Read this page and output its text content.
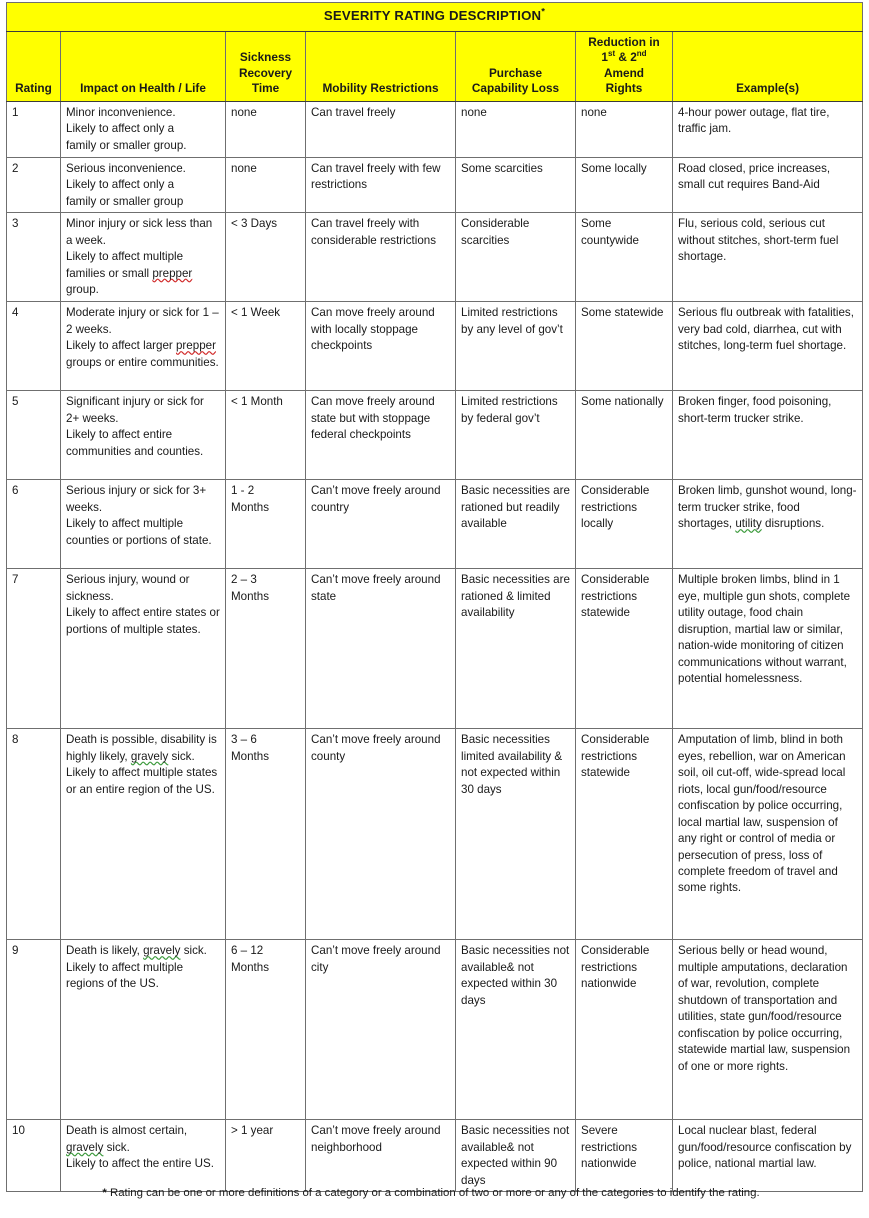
SEVERITY RATING DESCRIPTION*

Rating	Impact on Health / Life	Sickness
Recovery
Time	Mobility Restrictions	Purchase
Capability Loss	Reduction in
1st & 2nd
Amend
Rights	Example(s)

1	Minor inconvenience.

Likely to affect only a

family or smaller group.	none	Can travel freely	none	none	4-hour power outage, flat tire, traffic jam.
2	Serious inconvenience.

Likely to affect only a

family or smaller group	none	Can travel freely with few restrictions	Some scarcities	Some locally	Road closed, price increases, small cut requires Band-Aid
3	Minor injury or sick less than a week.

Likely to affect multiple families or small prepper group.	< 3 Days	Can travel freely with considerable restrictions	Considerable scarcities	Some countywide	Flu, serious cold, serious cut without stitches, short-term fuel shortage.
4	Moderate injury or sick for 1 – 2 weeks.

Likely to affect larger prepper groups or entire communities.	< 1 Week	Can move freely around with locally stoppage checkpoints	Limited restrictions by any level of gov’t	Some statewide	Serious flu outbreak with fatalities, very bad cold, diarrhea, cut with stitches, long-term fuel shortage.
5	Significant injury or sick for 2+ weeks.

Likely to affect entire communities and counties.	< 1 Month	Can move freely around state but with stoppage federal checkpoints	Limited restrictions by federal gov’t	Some nationally	Broken finger, food poisoning, short-term trucker strike.
6	Serious injury or sick for 3+ weeks.

Likely to affect multiple counties or portions of state.

	1 - 2
Months	Can’t move freely around country	Basic necessities are rationed but readily available	Considerable restrictions locally	Broken limb, gunshot wound, long-term trucker strike, food shortages, utility disruptions.
7	Serious injury, wound or sickness.

Likely to affect entire states or portions of multiple states.

	2 – 3
Months	Can’t move freely around state	Basic necessities are rationed & limited availability	Considerable restrictions statewide	Multiple broken limbs, blind in 1 eye, multiple gun shots, complete utility outage, food chain disruption, martial law or similar, nation-wide monitoring of citizen communications without warrant, potential homelessness.
8	Death is possible, disability is highly likely, gravely sick.

Likely to affect multiple states or an entire region of the US.

	3 – 6
Months	Can’t move freely around county	Basic necessities limited availability & not expected within 30 days	Considerable restrictions statewide	Amputation of limb, blind in both eyes, rebellion, war on American soil, oil cut-off, wide-spread local riots, local gun/food/resource confiscation by police occurring, local martial law, suspension of any right or control of media or persecution of press, loss of complete freedom of travel and some rights.
9	Death is likely, gravely sick.

Likely to affect multiple regions of the US.

	6 – 12
Months	Can’t move freely around city	Basic necessities not available& not expected within 30 days	Considerable restrictions nationwide	Serious belly or head wound, multiple amputations, declaration of war, revolution, complete shutdown of transportation and utilities, state gun/food/resource confiscation by police occurring, statewide martial law, suspension of one or more rights.
10	Death is almost certain, gravely sick.

Likely to affect the entire US.	> 1 year	Can’t move freely around neighborhood	Basic necessities not available& not expected within 90 days	Severe restrictions nationwide	Local nuclear blast, federal gun/food/resource confiscation by police, national martial law.
* Rating can be one or more definitions of a category or a combination of two or more or any of the categories to identify the rating.
